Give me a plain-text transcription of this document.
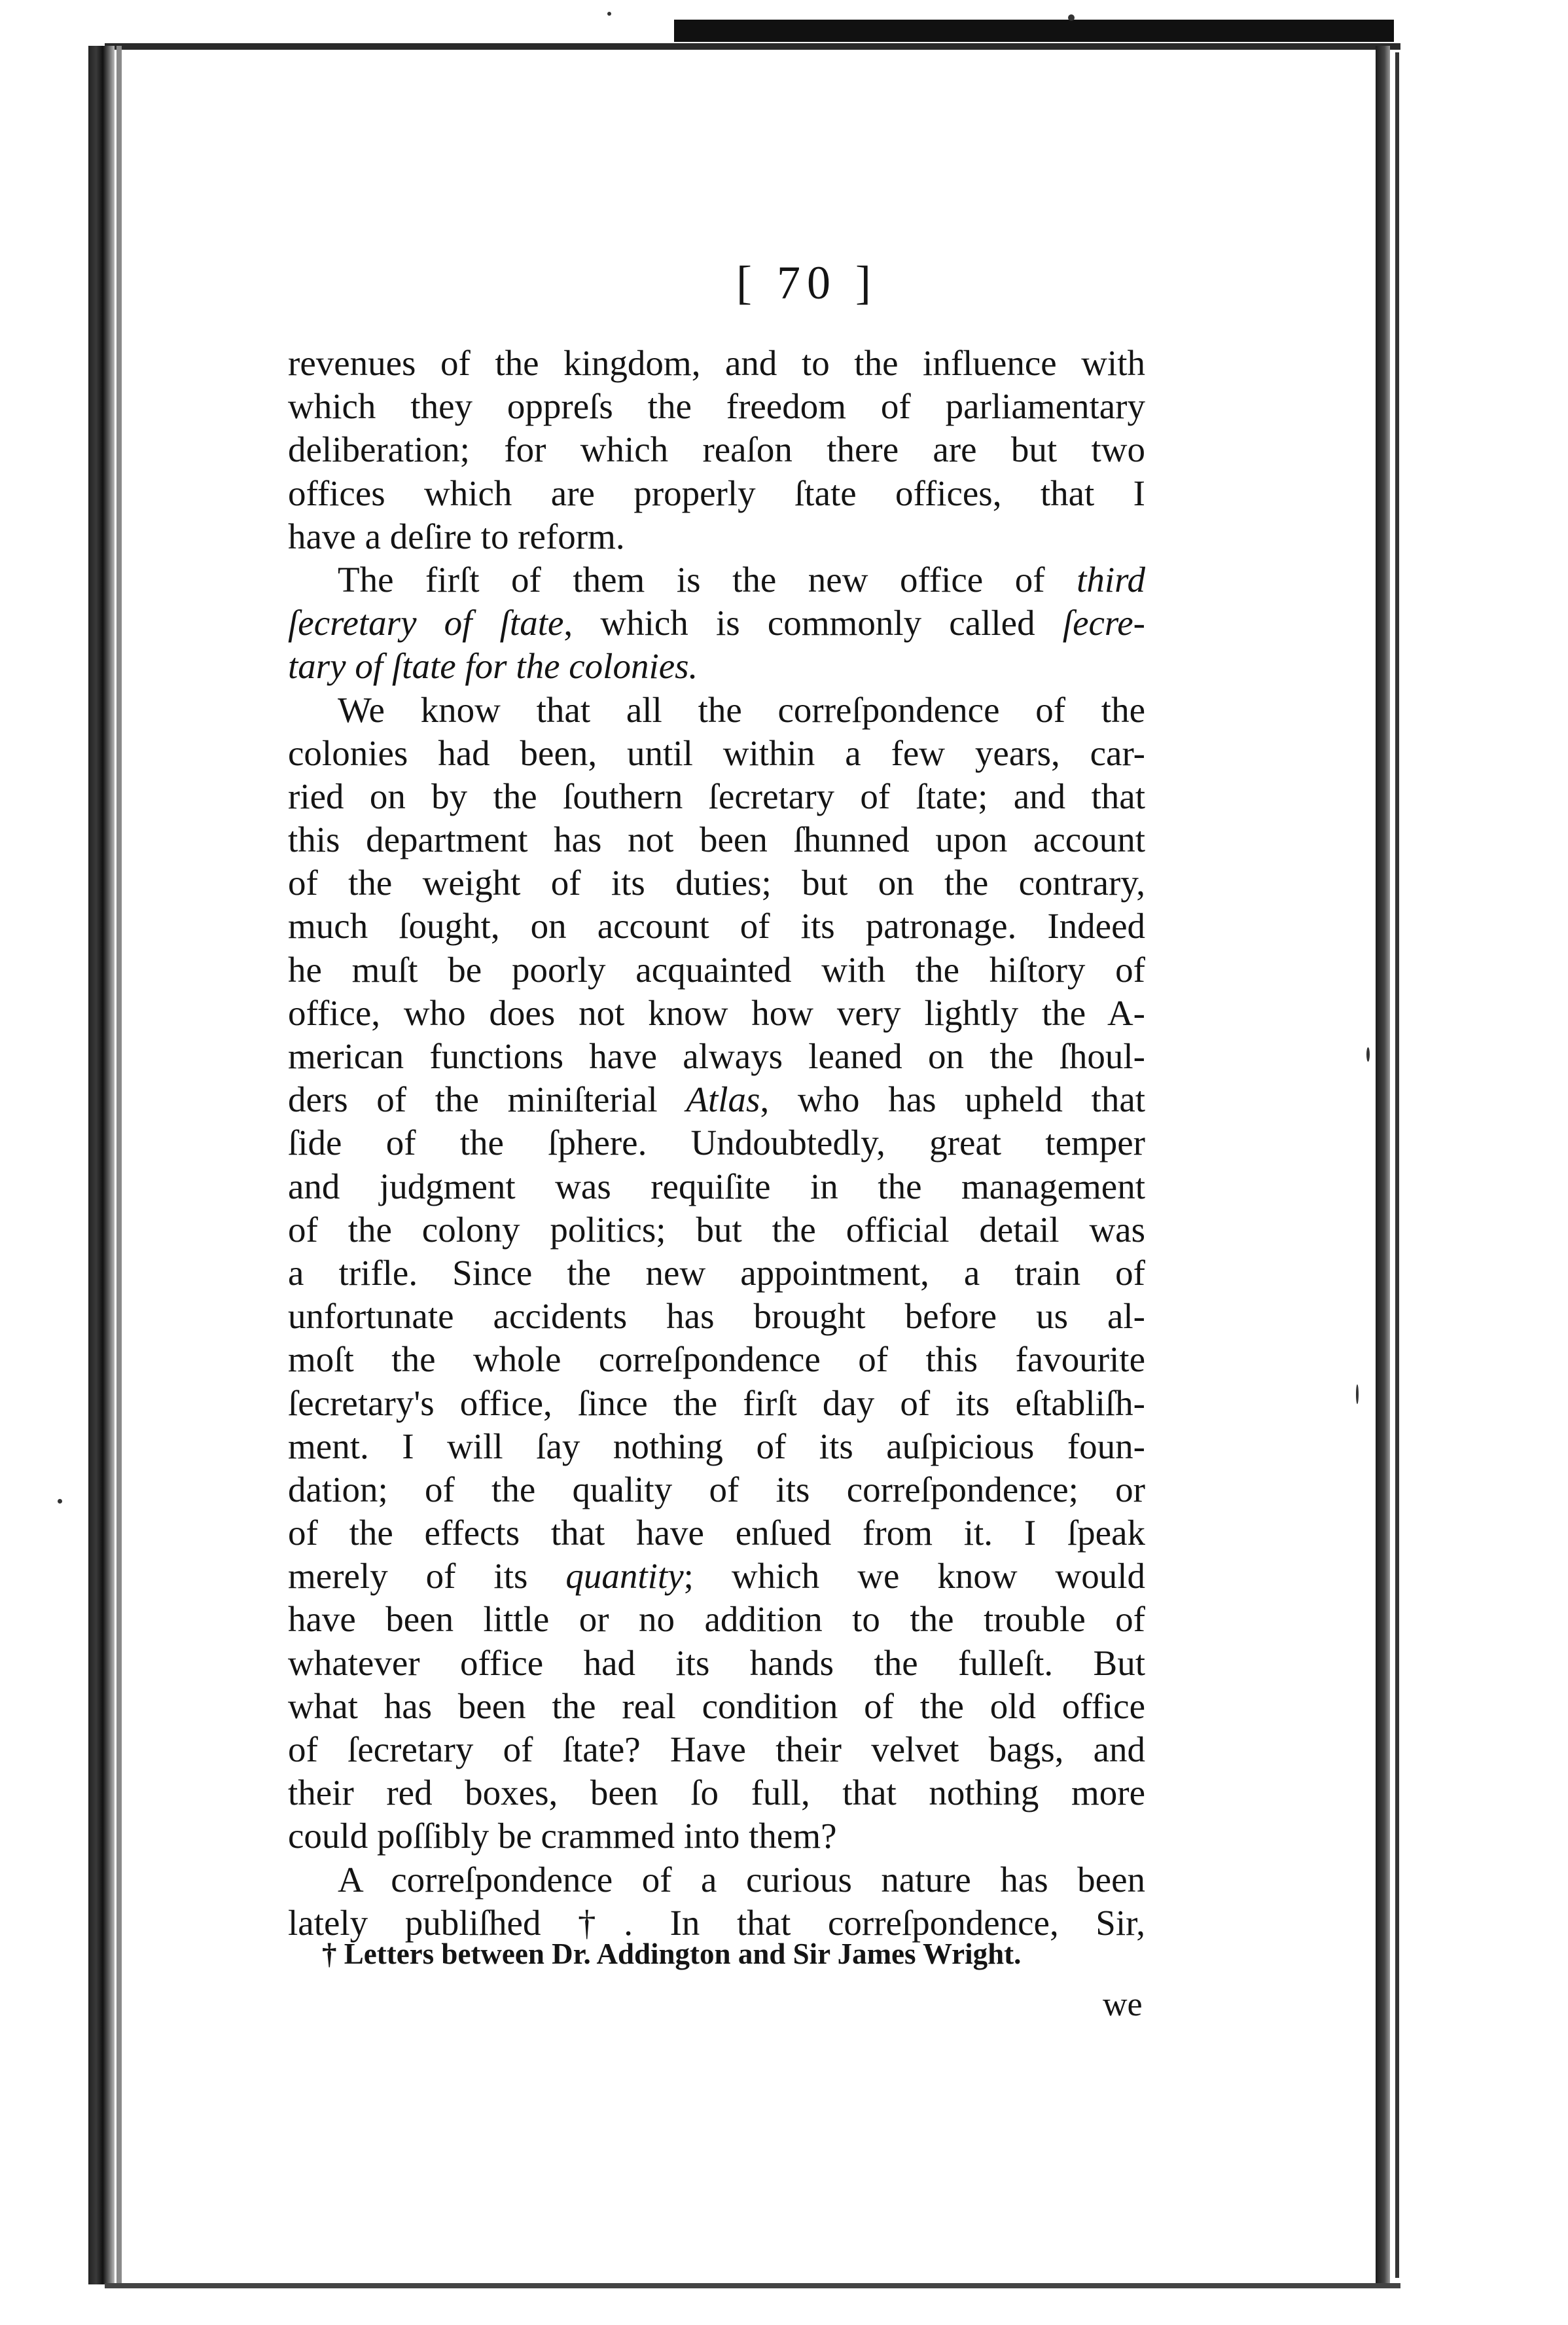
[ 70 ]
revenues of the kingdom, and to the influence with
which they oppreſs the freedom of parliamentary
deliberation; for which reaſon there are but two
offices which are properly ſtate offices, that I
have a deſire to reform.
The firſt of them is the new office of third
ſecretary of ſtate, which is commonly called ſecre-
tary of ſtate for the colonies.
We know that all the correſpondence of the
colonies had been, until within a few years, car-
ried on by the ſouthern ſecretary of ſtate; and that
this department has not been ſhunned upon account
of the weight of its duties; but on the contrary,
much ſought, on account of its patronage. Indeed
he muſt be poorly acquainted with the hiſtory of
office, who does not know how very lightly the A-
merican functions have always leaned on the ſhoul-
ders of the miniſterial Atlas, who has upheld that
ſide of the ſphere. Undoubtedly, great temper
and judgment was requiſite in the management
of the colony politics; but the official detail was
a trifle. Since the new appointment, a train of
unfortunate accidents has brought before us al-
moſt the whole correſpondence of this favourite
ſecretary's office, ſince the firſt day of its eſtabliſh-
ment. I will ſay nothing of its auſpicious foun-
dation; of the quality of its correſpondence; or
of the effects that have enſued from it. I ſpeak
merely of its quantity; which we know would
have been little or no addition to the trouble of
whatever office had its hands the fulleſt. But
what has been the real condition of the old office
of ſecretary of ſtate? Have their velvet bags, and
their red boxes, been ſo full, that nothing more
could poſſibly be crammed into them?
A correſpondence of a curious nature has been
lately publiſhed †. In that correſpondence, Sir,
† Letters between Dr. Addington and Sir James Wright.
we
